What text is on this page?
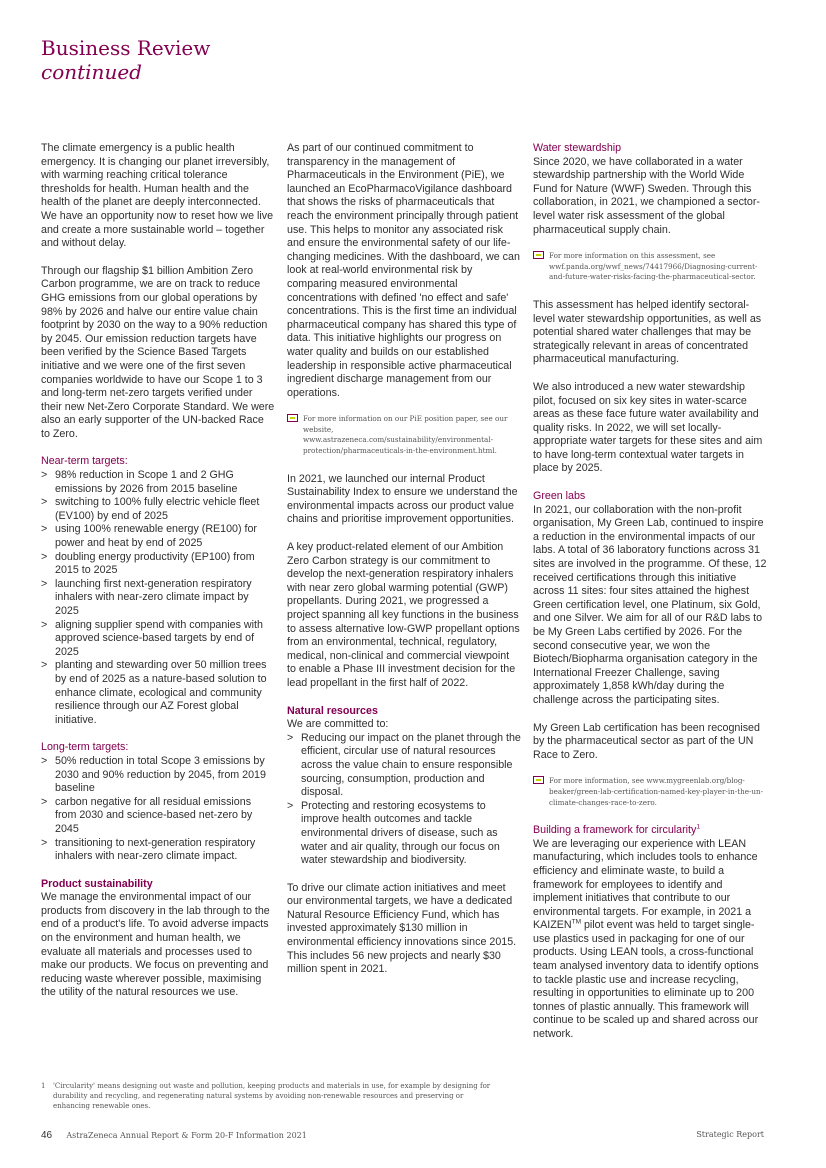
Business Review
continued

The climate emergency is a public health emergency. It is changing our planet irreversibly, with warming reaching critical tolerance thresholds for health. Human health and the health of the planet are deeply interconnected. We have an opportunity now to reset how we live and create a more sustainable world – together and without delay.

Through our flagship $1 billion Ambition Zero Carbon programme, we are on track to reduce GHG emissions from our global operations by 98% by 2026 and halve our entire value chain footprint by 2030 on the way to a 90% reduction by 2045. Our emission reduction targets have been verified by the Science Based Targets initiative and we were one of the first seven companies worldwide to have our Scope 1 to 3 and long-term net-zero targets verified under their new Net-Zero Corporate Standard. We were also an early supporter of the UN-backed Race to Zero.

Near-term targets:
> 98% reduction in Scope 1 and 2 GHG emissions by 2026 from 2015 baseline
> switching to 100% fully electric vehicle fleet (EV100) by end of 2025
> using 100% renewable energy (RE100) for power and heat by end of 2025
> doubling energy productivity (EP100) from 2015 to 2025
> launching first next-generation respiratory inhalers with near-zero climate impact by 2025
> aligning supplier spend with companies with approved science-based targets by end of 2025
> planting and stewarding over 50 million trees by end of 2025 as a nature-based solution to enhance climate, ecological and community resilience through our AZ Forest global initiative.
Long-term targets:
> 50% reduction in total Scope 3 emissions by 2030 and 90% reduction by 2045, from 2019 baseline
> carbon negative for all residual emissions from 2030 and science-based net-zero by 2045
> transitioning to next-generation respiratory inhalers with near-zero climate impact.
Product sustainability

We manage the environmental impact of our products from discovery in the lab through to the end of a product's life. To avoid adverse impacts on the environment and human health, we evaluate all materials and processes used to make our products. We focus on preventing and reducing waste wherever possible, maximising the utility of the natural resources we use.

As part of our continued commitment to transparency in the management of Pharmaceuticals in the Environment (PiE), we launched an EcoPharmacoVigilance dashboard that shows the risks of pharmaceuticals that reach the environment principally through patient use. This helps to monitor any associated risk and ensure the environmental safety of our life-changing medicines. With the dashboard, we can look at real-world environmental risk by comparing measured environmental concentrations with defined 'no effect and safe' concentrations. This is the first time an individual pharmaceutical company has shared this type of data. This initiative highlights our progress on water quality and builds on our established leadership in responsible active pharmaceutical ingredient discharge management from our operations.

For more information on our PiE position paper, see our website, www.astrazeneca.com/sustainability/environmental-protection/pharmaceuticals-in-the-environment.html.

In 2021, we launched our internal Product Sustainability Index to ensure we understand the environmental impacts across our product value chains and prioritise improvement opportunities.

A key product-related element of our Ambition Zero Carbon strategy is our commitment to develop the next-generation respiratory inhalers with near zero global warming potential (GWP) propellants. During 2021, we progressed a project spanning all key functions in the business to assess alternative low-GWP propellant options from an environmental, technical, regulatory, medical, non-clinical and commercial viewpoint to enable a Phase III investment decision for the lead propellant in the first half of 2022.

Natural resources
We are committed to:
> Reducing our impact on the planet through the efficient, circular use of natural resources across the value chain to ensure responsible sourcing, consumption, production and disposal.
> Protecting and restoring ecosystems to improve health outcomes and tackle environmental drivers of disease, such as water and air quality, through our focus on water stewardship and biodiversity.

To drive our climate action initiatives and meet our environmental targets, we have a dedicated Natural Resource Efficiency Fund, which has invested approximately $130 million in environmental efficiency innovations since 2015. This includes 56 new projects and nearly $30 million spent in 2021.

Water stewardship

Since 2020, we have collaborated in a water stewardship partnership with the World Wide Fund for Nature (WWF) Sweden. Through this collaboration, in 2021, we championed a sector-level water risk assessment of the global pharmaceutical supply chain.

For more information on this assessment, see wwf.panda.org/wwf_news/74417966/Diagnosing-current-and-future-water-risks-facing-the-pharmaceutical-sector.

This assessment has helped identify sectoral-level water stewardship opportunities, as well as potential shared water challenges that may be strategically relevant in areas of concentrated pharmaceutical manufacturing.

We also introduced a new water stewardship pilot, focused on six key sites in water-scarce areas as these face future water availability and quality risks. In 2022, we will set locally-appropriate water targets for these sites and aim to have long-term contextual water targets in place by 2025.

Green labs

In 2021, our collaboration with the non-profit organisation, My Green Lab, continued to inspire a reduction in the environmental impacts of our labs. A total of 36 laboratory functions across 31 sites are involved in the programme. Of these, 12 received certifications through this initiative across 11 sites: four sites attained the highest Green certification level, one Platinum, six Gold, and one Silver. We aim for all of our R&D labs to be My Green Labs certified by 2026. For the second consecutive year, we won the Biotech/Biopharma organisation category in the International Freezer Challenge, saving approximately 1,858 kWh/day during the challenge across the participating sites.

My Green Lab certification has been recognised by the pharmaceutical sector as part of the UN Race to Zero.

For more information, see www.mygreenlab.org/blog-beaker/green-lab-certification-named-key-player-in-the-un-climate-changes-race-to-zero.
Building a framework for circularity$^1$

We are leveraging our experience with LEAN manufacturing, which includes tools to enhance efficiency and eliminate waste, to build a framework for employees to identify and implement initiatives that contribute to our environmental targets. For example, in 2021 a KAIZEN™ pilot event was held to target single-use plastics used in packaging for one of our products. Using LEAN tools, a cross-functional team analysed inventory data to identify options to tackle plastic use and increase recycling, resulting in opportunities to eliminate up to 200 tonnes of plastic annually. This framework will continue to be scaled up and shared across our network.

1 'Circularity' means designing out waste and pollution, keeping products and materials in use, for example by designing for durability and recycling, and regenerating natural systems by avoiding non-renewable resources and preserving or enhancing renewable ones.
46 AstraZeneca Annual Report & Form 20-F Information 2021	Strategic Report
